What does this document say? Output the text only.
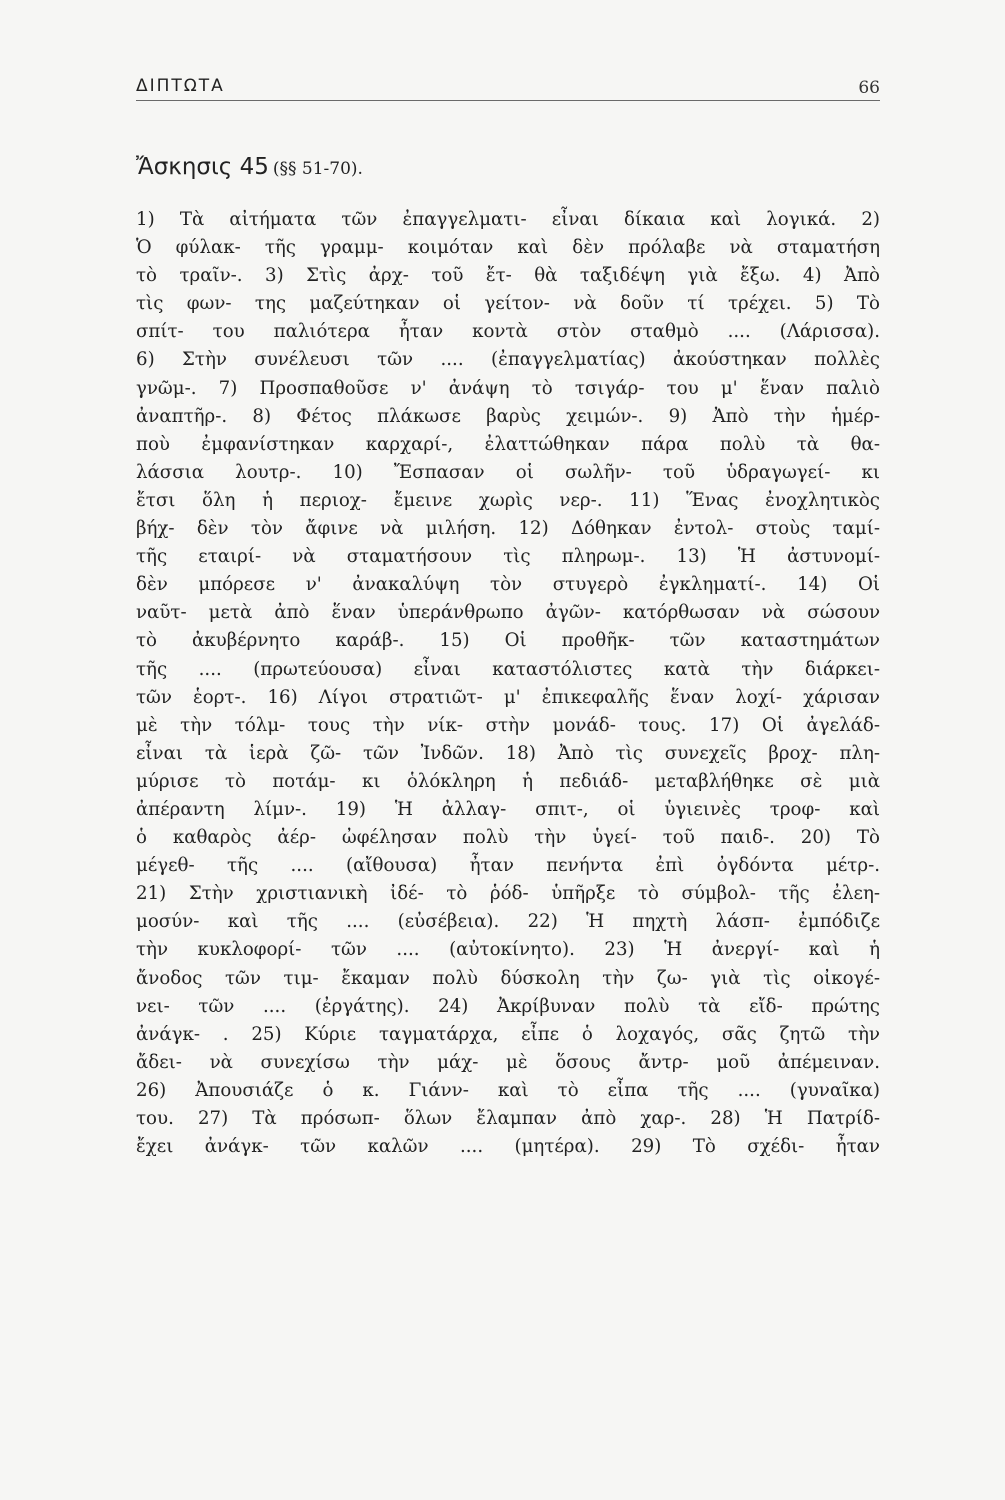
ΔΙΠΤΩΤΑ	66
Ἄσκησις 45 (§§ 51-70).
1) Τὰ αἰτήματα τῶν ἐπαγγελματι- εἶναι δίκαια καὶ λογικά. 2)
Ὁ φύλακ- τῆς γραμμ- κοιμόταν καὶ δὲν πρόλαβε νὰ σταματήση
τὸ τραῖν-. 3) Στὶς ἀρχ- τοῦ ἔτ- θὰ ταξιδέψη γιὰ ἔξω. 4) Ἀπὸ
τὶς φων- της μαζεύτηκαν οἱ γείτον- νὰ δοῦν τί τρέχει. 5) Τὸ
σπίτ- του παλιότερα ἦταν κοντὰ στὸν σταθμὸ .... (Λάρισσα).
6) Στὴν συνέλευσι τῶν .... (ἐπαγγελματίας) ἀκούστηκαν πολλὲς
γνῶμ-. 7) Προσπαθοῦσε ν' ἀνάψη τὸ τσιγάρ- του μ' ἕναν παλιὸ
ἀναπτῆρ-. 8) Φέτος πλάκωσε βαρὺς χειμών-. 9) Ἀπὸ τὴν ἡμέρ-
ποὺ ἐμφανίστηκαν καρχαρί-, ἐλαττώθηκαν πάρα πολὺ τὰ θα-
λάσσια λουτρ-. 10) Ἔσπασαν οἱ σωλῆν- τοῦ ὑδραγωγεί- κι
ἔτσι ὅλη ἡ περιοχ- ἔμεινε χωρὶς νερ-. 11) Ἕνας ἐνοχλητικὸς
βήχ- δὲν τὸν ἄφινε νὰ μιλήση. 12) Δόθηκαν ἐντολ- στοὺς ταμί-
τῆς εταιρί- νὰ σταματήσουν τὶς πληρωμ-. 13) Ἡ ἀστυνομί-
δὲν μπόρεσε ν' ἀνακαλύψη τὸν στυγερὸ ἐγκληματί-. 14) Οἱ
ναῦτ- μετὰ ἀπὸ ἕναν ὑπεράνθρωπο ἀγῶν- κατόρθωσαν νὰ σώσουν
τὸ ἀκυβέρνητο καράβ-. 15) Οἱ προθῆκ- τῶν καταστημάτων
τῆς .... (πρωτεύουσα) εἶναι καταστόλιστες κατὰ τὴν διάρκει-
τῶν ἑορτ-. 16) Λίγοι στρατιῶτ- μ' ἐπικεφαλῆς ἕναν λοχί- χάρισαν
μὲ τὴν τόλμ- τους τὴν νίκ- στὴν μονάδ- τους. 17) Οἱ ἀγελάδ-
εἶναι τὰ ἱερὰ ζῶ- τῶν Ἰνδῶν. 18) Ἀπὸ τὶς συνεχεῖς βροχ- πλη-
μύρισε τὸ ποτάμ- κι ὁλόκληρη ἡ πεδιάδ- μεταβλήθηκε σὲ μιὰ
ἀπέραντη λίμν-. 19) Ἡ ἀλλαγ- σπιτ-, οἱ ὑγιεινὲς τροφ- καὶ
ὁ καθαρὸς ἀέρ- ὠφέλησαν πολὺ τὴν ὑγεί- τοῦ παιδ-. 20) Τὸ
μέγεθ- τῆς .... (αἴθουσα) ἦταν πενήντα ἐπὶ ὀγδόντα μέτρ-.
21) Στὴν χριστιανικὴ ἰδέ- τὸ ῥόδ- ὑπῆρξε τὸ σύμβολ- τῆς ἐλεη-
μοσύν- καὶ τῆς .... (εὐσέβεια). 22) Ἡ πηχτὴ λάσπ- ἐμπόδιζε
τὴν κυκλοφορί- τῶν .... (αὐτοκίνητο). 23) Ἡ ἀνεργί- καὶ ἡ
ἄνοδος τῶν τιμ- ἔκαμαν πολὺ δύσκολη τὴν ζω- γιὰ τὶς οἰκογέ-
νει- τῶν .... (ἐργάτης). 24) Ἀκρίβυναν πολὺ τὰ εἴδ- πρώτης
ἀνάγκ- . 25) Κύριε ταγματάρχα, εἶπε ὁ λοχαγός, σᾶς ζητῶ τὴν
ἄδει- νὰ συνεχίσω τὴν μάχ- μὲ ὅσους ἄντρ- μοῦ ἀπέμειναν.
26) Ἀπουσιάζε ὁ κ. Γιάνν- καὶ τὸ εἶπα τῆς .... (γυναῖκα)
του. 27) Τὰ πρόσωπ- ὅλων ἔλαμπαν ἀπὸ χαρ-. 28) Ἡ Πατρίδ-
ἔχει ἀνάγκ- τῶν καλῶν .... (μητέρα). 29) Τὸ σχέδι- ἦταν
